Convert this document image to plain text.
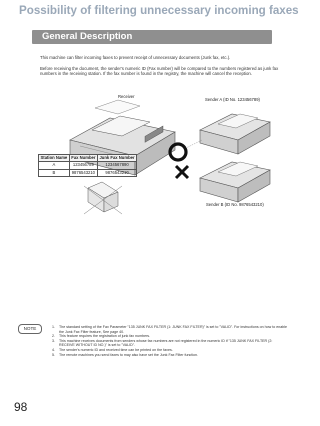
Possibility of filtering unnecessary incoming faxes
General Description

This machine can filter incoming faxes to prevent receipt of unnecessary documents (Junk fax, etc.).

Before receiving the document, the sender's numeric ID (Fax number) will be compared to the numbers registered as junk fax numbers in the receiving station. If the fax number is found in the registry, the machine will cancel the reception.

Receiver
Sender A (ID No. 123456789)
Sender B (ID No. 9876543210)
Station Name	Fax Number	Junk Fax Number
A	123456789	1234567890
B	9876543210	9876543210
NOTE	1.	The standard setting of the Fax Parameter "135 JUNK FAX FILTER (1: JUNK FAX FILTER)" is set to "VALID". For instructions on how to enable the Junk Fax Filter feature, See page 40.
2.	This feature requires the registration of junk fax numbers.
3.	This machine receives documents from senders whose fax numbers are not registered in the numeric ID if "135 JUNK FAX FILTER (2: RECEIVE WITHOUT ID NO.)" is set to "VALID".
4.	The sender's numeric ID and received time can be printed on the faxes.
5.	The remote machines you send faxes to may also have set the Junk Fax Filter function.
98
